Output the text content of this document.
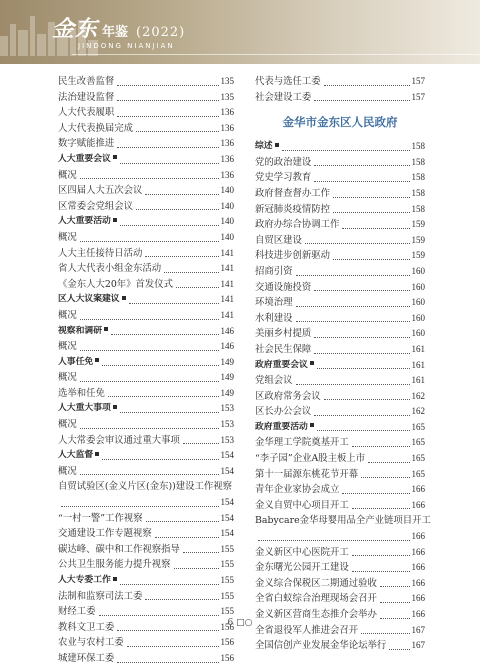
金东 年鉴 (2022)
JINDONG NIANJIAN
民生改善监督	135
法治建设监督	135
人大代表履职	136
人大代表换届完成	136
数字赋能推进	136
人大重要会议	136
概况	136
区四届人大五次会议	140
区常委会党组会议	140
人大重要活动	140
概况	140
人大主任接待日活动	141
省人大代表小组金东活动	141
《金东人大20年》首发仪式	141
区人大议案建议	141
概况	141
视察和调研	146
概况	146
人事任免	149
概况	149
选举和任免	149
人大重大事项	153
概况	153
人大常委会审议通过重大事项	153
人大监督	154
概况	154
自贸试验区(金义片区(金东))建设工作视察
154
“一村一警”工作视察	154
交通建设工作专题视察	154
碳达峰、碳中和工作视察指导	155
公共卫生服务能力提升视察	155
人大专委工作	155
法制和监察司法工委	155
财经工委	155
教科文卫工委	156
农业与农村工委	156
城建环保工委	156
代表与选任工委	157
社会建设工委	157
金华市金东区人民政府
综述	158
党的政治建设	158
党史学习教育	158
政府督查督办工作	158
新冠肺炎疫情防控	158
政府办综合协调工作	159
自贸区建设	159
科技进步创新驱动	159
招商引资	160
交通设施投资	160
环境治理	160
水利建设	160
美丽乡村提质	160
社会民生保障	161
政府重要会议	161
党组会议	161
区政府常务会议	162
区长办公会议	162
政府重要活动	165
金华理工学院奠基开工	165
“李子园”企业A股主板上市	165
第十一届源东桃花节开幕	165
青年企业家协会成立	166
金义自贸中心项目开工	166
Babycare金华母婴用品全产业链项目开工
166
金义新区中心医院开工	166
金东曙光公园开工建设	166
金义综合保税区二期通过验收	166
全省白蚁综合治理现场会召开	166
金义新区营商生态推介会举办	166
全省退役军人推进会召开	167
全国信创产业发展金华论坛举行	167
6 □○
